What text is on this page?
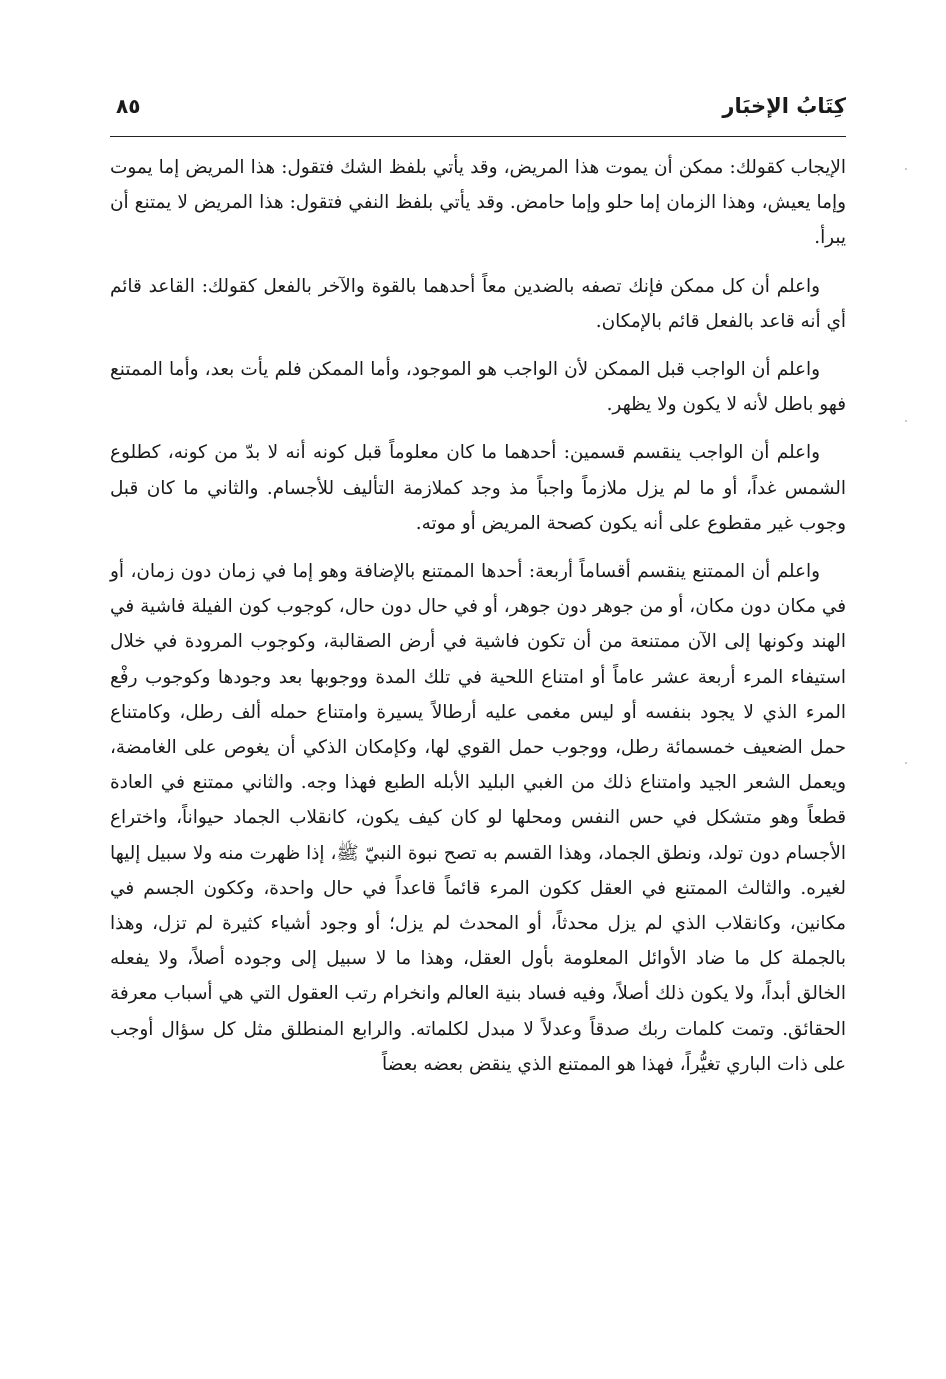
كِتَابُ الإخبَار
٨٥

الإيجاب كقولك: ممكن أن يموت هذا المريض، وقد يأتي بلفظ الشك فتقول: هذا المريض إما يموت وإما يعيش، وهذا الزمان إما حلو وإما حامض. وقد يأتي بلفظ النفي فتقول: هذا المريض لا يمتنع أن يبرأ.

واعلم أن كل ممكن فإنك تصفه بالضدين معاً أحدهما بالقوة والآخر بالفعل كقولك: القاعد قائم أي أنه قاعد بالفعل قائم بالإمكان.

واعلم أن الواجب قبل الممكن لأن الواجب هو الموجود، وأما الممكن فلم يأت بعد، وأما الممتنع فهو باطل لأنه لا يكون ولا يظهر.

واعلم أن الواجب ينقسم قسمين: أحدهما ما كان معلوماً قبل كونه أنه لا بدّ من كونه، كطلوع الشمس غداً، أو ما لم يزل ملازماً واجباً مذ وجد كملازمة التأليف للأجسام. والثاني ما كان قبل وجوب غير مقطوع على أنه يكون كصحة المريض أو موته.

واعلم أن الممتنع ينقسم أقساماً أربعة: أحدها الممتنع بالإضافة وهو إما في زمان دون زمان، أو في مكان دون مكان، أو من جوهر دون جوهر، أو في حال دون حال، كوجوب كون الفيلة فاشية في الهند وكونها إلى الآن ممتنعة من أن تكون فاشية في أرض الصقالبة، وكوجوب المرودة في خلال استيفاء المرء أربعة عشر عاماً أو امتناع اللحية في تلك المدة ووجوبها بعد وجودها وكوجوب رفْع المرء الذي لا يجود بنفسه أو ليس مغمى عليه أرطالاً يسيرة وامتناع حمله ألف رطل، وكامتناع حمل الضعيف خمسمائة رطل، ووجوب حمل القوي لها، وكإمكان الذكي أن يغوص على الغامضة، ويعمل الشعر الجيد وامتناع ذلك من الغبي البليد الأبله الطبع فهذا وجه. والثاني ممتنع في العادة قطعاً وهو متشكل في حس النفس ومحلها لو كان كيف يكون، كانقلاب الجماد حيواناً، واختراع الأجسام دون تولد، ونطق الجماد، وهذا القسم به تصح نبوة النبيّ ﷺ، إذا ظهرت منه ولا سبيل إليها لغيره. والثالث الممتنع في العقل ككون المرء قائماً قاعداً في حال واحدة، وككون الجسم في مكانين، وكانقلاب الذي لم يزل محدثاً، أو المحدث لم يزل؛ أو وجود أشياء كثيرة لم تزل، وهذا بالجملة كل ما ضاد الأوائل المعلومة بأول العقل، وهذا ما لا سبيل إلى وجوده أصلاً، ولا يفعله الخالق أبداً، ولا يكون ذلك أصلاً، وفيه فساد بنية العالم وانخرام رتب العقول التي هي أسباب معرفة الحقائق. وتمت كلمات ربك صدقاً وعدلاً لا مبدل لكلماته. والرابع المنطلق مثل كل سؤال أوجب على ذات الباري تغيُّراً، فهذا هو الممتنع الذي ينقض بعضه بعضاً
